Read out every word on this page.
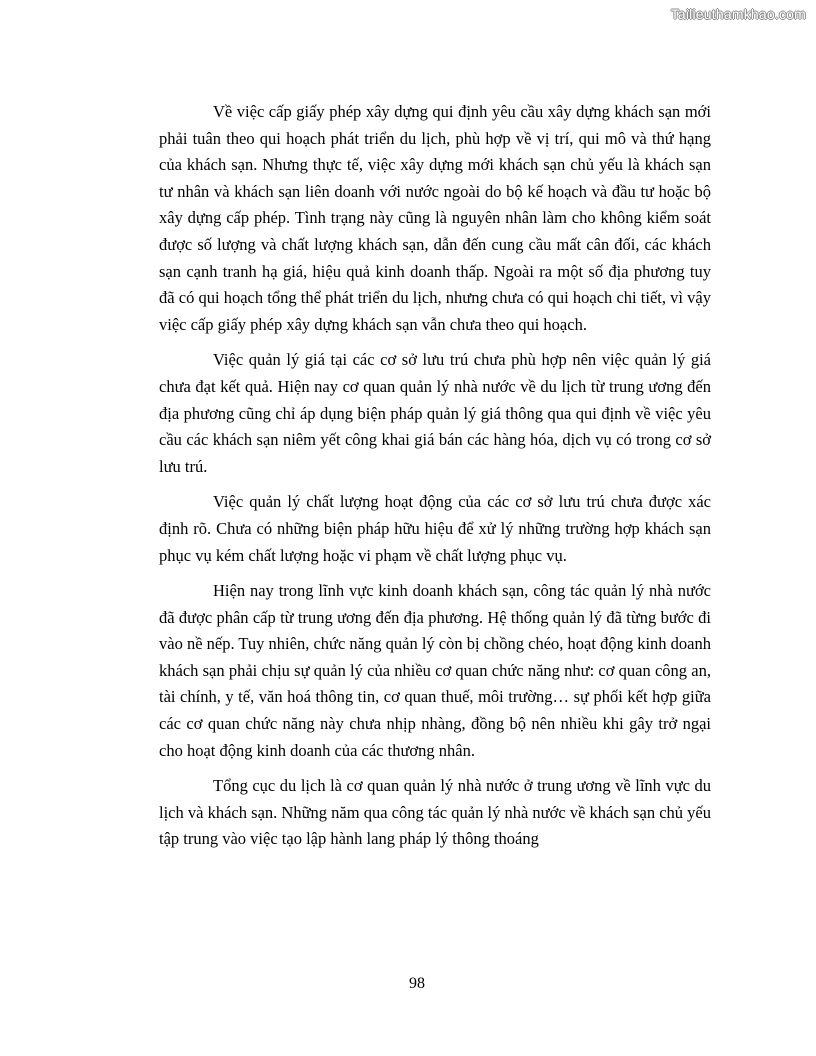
Tailieuthamkhao.com

Về việc cấp giấy phép xây dựng qui định yêu cầu xây dựng khách sạn mới phải tuân theo qui hoạch phát triển du lịch, phù hợp về vị trí, qui mô và thứ hạng của khách sạn. Nhưng thực tế, việc xây dựng mới khách sạn chủ yếu là khách sạn tư nhân và khách sạn liên doanh với nước ngoài do bộ kế hoạch và đầu tư hoặc bộ xây dựng cấp phép. Tình trạng này cũng là nguyên nhân làm cho không kiểm soát được số lượng và chất lượng khách sạn, dẫn đến cung cầu mất cân đối, các khách sạn cạnh tranh hạ giá, hiệu quả kinh doanh thấp. Ngoài ra một số địa phương tuy đã có qui hoạch tổng thể phát triển du lịch, nhưng chưa có qui hoạch chi tiết, vì vậy việc cấp giấy phép xây dựng khách sạn vẫn chưa theo qui hoạch.

Việc quản lý giá tại các cơ sở lưu trú chưa phù hợp nên việc quản lý giá chưa đạt kết quả. Hiện nay cơ quan quản lý nhà nước về du lịch từ trung ương đến địa phương cũng chỉ áp dụng biện pháp quản lý giá thông qua qui định về việc yêu cầu các khách sạn niêm yết công khai giá bán các hàng hóa, dịch vụ có trong cơ sở lưu trú.

Việc quản lý chất lượng hoạt động của các cơ sở lưu trú chưa được xác định rõ. Chưa có những biện pháp hữu hiệu để xử lý những trường hợp khách sạn phục vụ kém chất lượng hoặc vi phạm về chất lượng phục vụ.

Hiện nay trong lĩnh vực kinh doanh khách sạn, công tác quản lý nhà nước đã được phân cấp từ trung ương đến địa phương. Hệ thống quản lý đã từng bước đi vào nề nếp. Tuy nhiên, chức năng quản lý còn bị chồng chéo, hoạt động kinh doanh khách sạn phải chịu sự quản lý của nhiều cơ quan chức năng như: cơ quan công an, tài chính, y tế, văn hoá thông tin, cơ quan thuế, môi trường… sự phối kết hợp giữa các cơ quan chức năng này chưa nhịp nhàng, đồng bộ nên nhiều khi gây trở ngại cho hoạt động kinh doanh của các thương nhân.

Tổng cục du lịch là cơ quan quản lý nhà nước ở trung ương về lĩnh vực du lịch và khách sạn. Những năm qua công tác quản lý nhà nước về khách sạn chủ yếu tập trung vào việc tạo lập hành lang pháp lý thông thoáng

98
